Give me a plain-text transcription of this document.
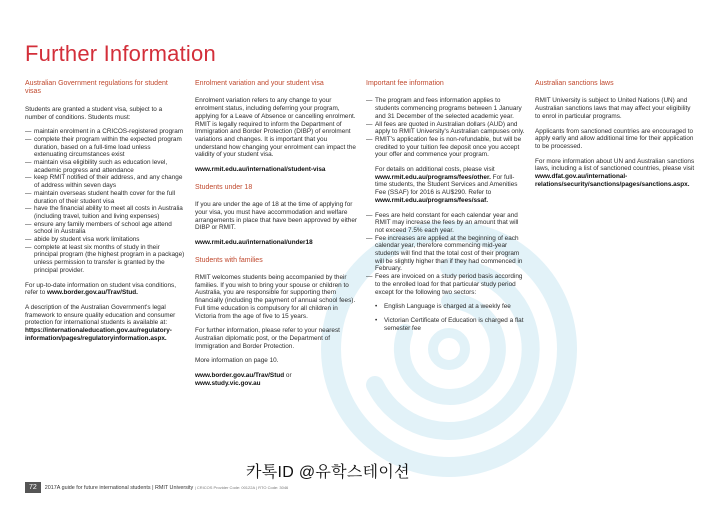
Further Information
Australian Government regulations for student visas

Students are granted a student visa, subject to a number of conditions. Students must:

— maintain enrolment in a CRICOS-registered program
— complete their program within the expected program duration, based on a full-time load unless extenuating circumstances exist
— maintain visa eligibility such as education level, academic progress and attendance
— keep RMIT notified of their address, and any change of address within seven days
— maintain overseas student health cover for the full duration of their student visa
— have the financial ability to meet all costs in Australia (including travel, tuition and living expenses)
— ensure any family members of school age attend school in Australia
— abide by student visa work limitations
— complete at least six months of study in their principal program (the highest program in a package) unless permission to transfer is granted by the principal provider.

For up-to-date information on student visa conditions, refer to www.border.gov.au/Trav/Stud.

A description of the Australian Government's legal framework to ensure quality education and consumer protection for international students is available at: https://internationaleducation.gov.au/regulatory-information/pages/regulatoryinformation.aspx.

Enrolment variation and your student visa

Enrolment variation refers to any change to your enrolment status, including deferring your program, applying for a Leave of Absence or cancelling enrolment. RMIT is legally required to inform the Department of Immigration and Border Protection (DIBP) of enrolment variations and changes. It is important that you understand how changing your enrolment can impact the validity of your student visa.

www.rmit.edu.au/international/student-visa

Students under 18

If you are under the age of 18 at the time of applying for your visa, you must have accommodation and welfare arrangements in place that have been approved by either DIBP or RMIT.

www.rmit.edu.au/international/under18

Students with families

RMIT welcomes students being accompanied by their families. If you wish to bring your spouse or children to Australia, you are responsible for supporting them financially (including the payment of annual school fees). Full time education is compulsory for all children in Victoria from the age of five to 15 years.

For further information, please refer to your nearest Australian diplomatic post, or the Department of Immigration and Border Protection.

More information on page 10.

www.border.gov.au/Trav/Stud or
www.study.vic.gov.au

Important fee information
— The program and fees information applies to students commencing programs between 1 January and 31 December of the selected academic year.
— All fees are quoted in Australian dollars (AUD) and apply to RMIT University's Australian campuses only.
— RMIT's application fee is non-refundable, but will be credited to your tuition fee deposit once you accept your offer and commence your program.

For details on additional costs, please visit www.rmit.edu.au/programs/fees/other. For full-time students, the Student Services and Amenities Fee (SSAF) for 2016 is AU$290. Refer to www.rmit.edu.au/programs/fees/ssaf.

— Fees are held constant for each calendar year and RMIT may increase the fees by an amount that will not exceed 7.5% each year.
— Fee increases are applied at the beginning of each calendar year, therefore commencing mid-year students will find that the total cost of their program will be slightly higher than if they had commenced in February.
— Fees are invoiced on a study period basis according to the enrolled load for that particular study period except for the following two sectors:
• English Language is charged at a weekly fee
• Victorian Certificate of Education is charged a flat semester fee
Australian sanctions laws

RMIT University is subject to United Nations (UN) and Australian sanctions laws that may affect your eligibility to enrol in particular programs.

Applicants from sanctioned countries are encouraged to apply early and allow additional time for their application to be processed.

For more information about UN and Australian sanctions laws, including a list of sanctioned countries, please visit www.dfat.gov.au/international-relations/security/sanctions/pages/sanctions.aspx.

카톡ID @유학스테이션
72 2017A guide for future international students | RMIT University | CRICOS Provider Code: 00122A | RTO Code: 3046
